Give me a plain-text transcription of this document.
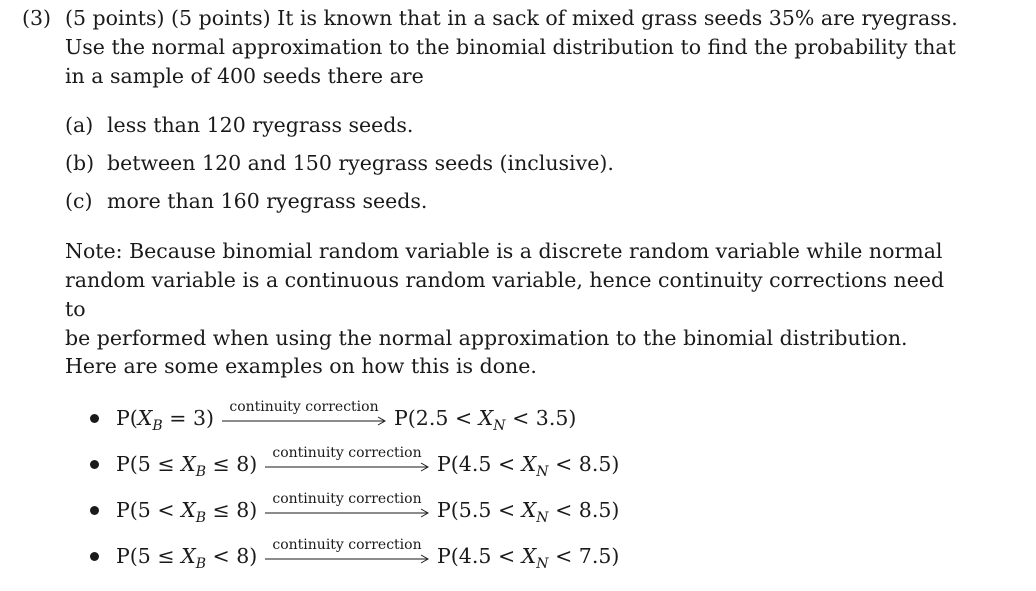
(3) (5 points) (5 points) It is known that in a sack of mixed grass seeds 35% are ryegrass.
Use the normal approximation to the binomial distribution to find the probability that
in a sample of 400 seeds there are
(a) less than 120 ryegrass seeds.
(b) between 120 and 150 ryegrass seeds (inclusive).
(c) more than 160 ryegrass seeds.
Note: Because binomial random variable is a discrete random variable while normal
random variable is a continuous random variable, hence continuity corrections need to
be performed when using the normal approximation to the binomial distribution.
Here are some examples on how this is done.
$P(X_B = 3)$	continuity correction $P(2.5 < X_N < 3.5)$
$P(5 \le X_B \le 8)$	continuity correction $P(4.5 < X_N < 8.5)$
$P(5 < X_B \le 8)$	continuity correction $P(5.5 < X_N < 8.5)$
$P(5 \le X_B < 8)$	continuity correction $P(4.5 < X_N < 7.5)$
